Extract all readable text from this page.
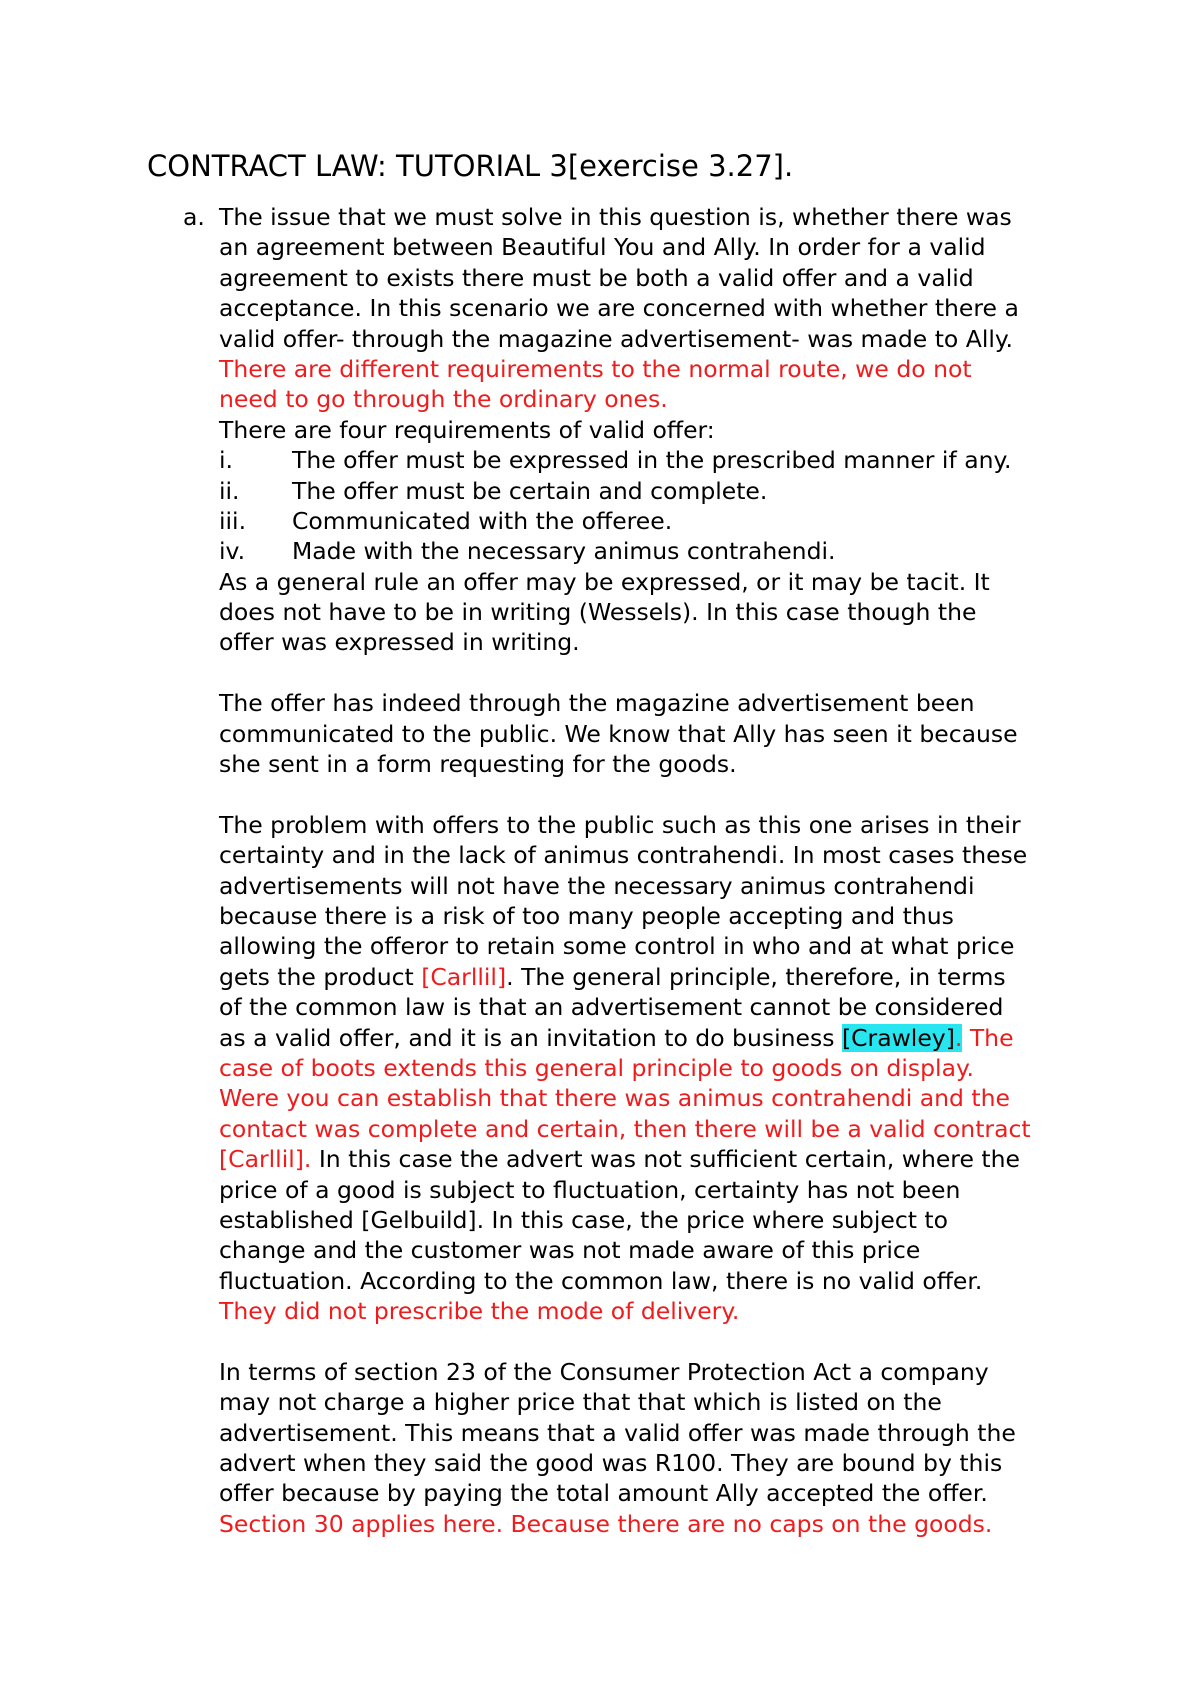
CONTRACT LAW: TUTORIAL 3[exercise 3.27].
a. The issue that we must solve in this question is, whether there was
an agreement between Beautiful You and Ally. In order for a valid
agreement to exists there must be both a valid offer and a valid
acceptance. In this scenario we are concerned with whether there a
valid offer- through the magazine advertisement- was made to Ally.
There are different requirements to the normal route, we do not
need to go through the ordinary ones.
There are four requirements of valid offer:
i.	The offer must be expressed in the prescribed manner if any.
ii. The offer must be certain and complete.
iii. Communicated with the offeree.
iv. Made with the necessary animus contrahendi.
As a general rule an offer may be expressed, or it may be tacit. It
does not have to be in writing (Wessels). In this case though the
offer was expressed in writing.
The offer has indeed through the magazine advertisement been
communicated to the public. We know that Ally has seen it because
she sent in a form requesting for the goods.
The problem with offers to the public such as this one arises in their
certainty and in the lack of animus contrahendi. In most cases these
advertisements will not have the necessary animus contrahendi
because there is a risk of too many people accepting and thus
allowing the offeror to retain some control in who and at what price
gets the product [Carllil]. The general principle, therefore, in terms
of the common law is that an advertisement cannot be considered
as a valid offer, and it is an invitation to do business [Crawley]. The
case of boots extends this general principle to goods on display.
Were you can establish that there was animus contrahendi and the
contact was complete and certain, then there will be a valid contract
[Carllil]. In this case the advert was not sufficient certain, where the
price of a good is subject to fluctuation, certainty has not been
established [Gelbuild]. In this case, the price where subject to
change and the customer was not made aware of this price
fluctuation. According to the common law, there is no valid offer.
They did not prescribe the mode of delivery.
In terms of section 23 of the Consumer Protection Act a company
may not charge a higher price that that which is listed on the
advertisement. This means that a valid offer was made through the
advert when they said the good was R100. They are bound by this
offer because by paying the total amount Ally accepted the offer.
Section 30 applies here. Because there are no caps on the goods.
